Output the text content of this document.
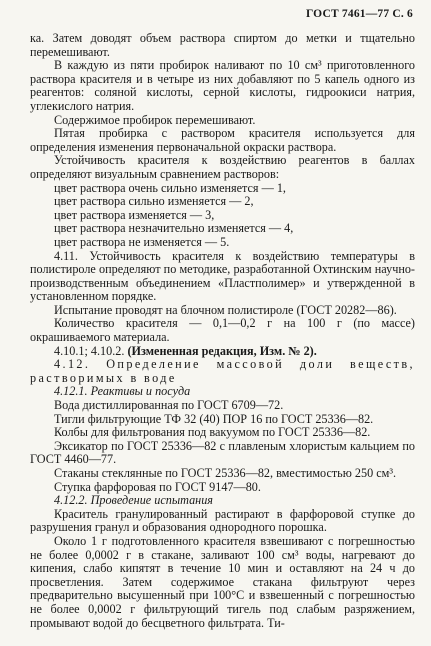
ГОСТ 7461—77 С. 6

ка. Затем доводят объем раствора спиртом до метки и тщательно перемешивают.

В каждую из пяти пробирок наливают по 10 см³ приготовленного раствора красителя и в четыре из них добавляют по 5 капель одного из реагентов: соляной кислоты, серной кислоты, гидроокиси натрия, углекислого натрия.

Содержимое пробирок перемешивают.

Пятая пробирка с раствором красителя используется для определения изменения первоначальной окраски раствора.

Устойчивость красителя к воздействию реагентов в баллах определяют визуальным сравнением растворов:

цвет раствора очень сильно изменяется — 1,

цвет раствора сильно изменяется — 2,

цвет раствора изменяется — 3,

цвет раствора незначительно изменяется — 4,

цвет раствора не изменяется — 5.

4.11. Устойчивость красителя к воздействию температуры в полистироле определяют по методике, разработанной Охтинским научно-производственным объединением «Пластполимер» и утвержденной в установленном порядке.

Испытание проводят на блочном полистироле (ГОСТ 20282—86).

Количество красителя — 0,1—0,2 г на 100 г (по массе) окрашиваемого материала.

4.10.1; 4.10.2. (Измененная редакция, Изм. № 2).

4.12. Определение массовой доли веществ, растворимых в воде

4.12.1. Реактивы и посуда

Вода дистиллированная по ГОСТ 6709—72.

Тигли фильтрующие ТФ 32 (40) ПОР 16 по ГОСТ 25336—82.

Колбы для фильтрования под вакуумом по ГОСТ 25336—82.

Эксикатор по ГОСТ 25336—82 с плавленым хлористым кальцием по ГОСТ 4460—77.

Стаканы стеклянные по ГОСТ 25336—82, вместимостью 250 см³.

Ступка фарфоровая по ГОСТ 9147—80.

4.12.2. Проведение испытания

Краситель гранулированный растирают в фарфоровой ступке до разрушения гранул и образования однородного порошка.

Около 1 г подготовленного красителя взвешивают с погрешностью не более 0,0002 г в стакане, заливают 100 см³ воды, нагревают до кипения, слабо кипятят в течение 10 мин и оставляют на 24 ч до просветления. Затем содержимое стакана фильтруют через предварительно высушенный при 100°С и взвешенный с погрешностью не более 0,0002 г фильтрующий тигель под слабым разряжением, промывают водой до бесцветного фильтрата. Ти-
